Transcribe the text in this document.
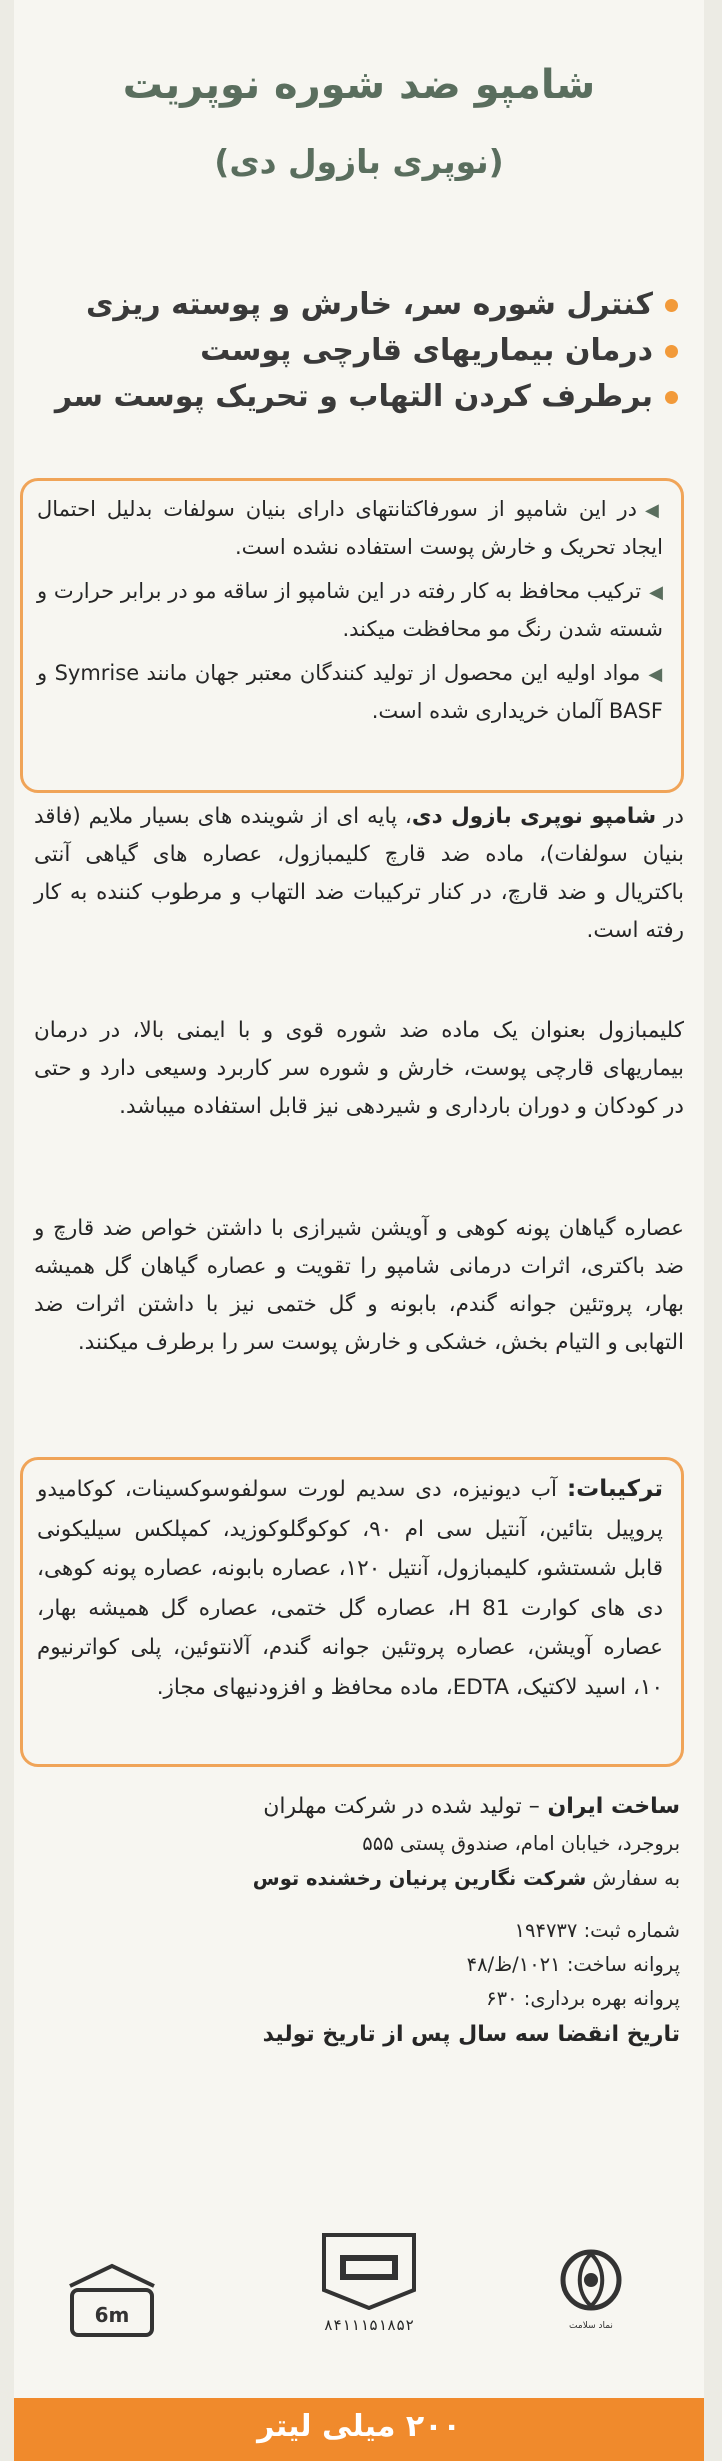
شامپو ضد شوره نوپریت
(نوپری بازول دی)
کنترل شوره سر، خارش و پوسته ریزی
درمان بیماریهای قارچی پوست
برطرف کردن التهاب و تحریک پوست سر
◀در این شامپو از سورفاکتانتهای دارای بنیان سولفات بدلیل احتمال ایجاد تحریک و خارش پوست استفاده نشده است.
◀ترکیب محافظ به کار رفته در این شامپو از ساقه مو در برابر حرارت و شسته شدن رنگ مو محافظت میکند.
◀مواد اولیه این محصول از تولید کنندگان معتبر جهان مانند Symrise و BASF آلمان خریداری شده است.
در شامپو نوپری بازول دی، پایه ای از شوینده های بسیار ملایم (فاقد بنیان سولفات)، ماده ضد قارچ کلیمبازول، عصاره های گیاهی آنتی باکتریال و ضد قارچ، در کنار ترکیبات ضد التهاب و مرطوب کننده به کار رفته است.
کلیمبازول بعنوان یک ماده ضد شوره قوی و با ایمنی بالا، در درمان بیماریهای قارچی پوست، خارش و شوره سر کاربرد وسیعی دارد و حتی در کودکان و دوران بارداری و شیردهی نیز قابل استفاده میباشد.
عصاره گیاهان پونه کوهی و آویشن شیرازی با داشتن خواص ضد قارچ و ضد باکتری، اثرات درمانی شامپو را تقویت و عصاره گیاهان گل همیشه بهار، پروتئین جوانه گندم، بابونه و گل ختمی نیز با داشتن اثرات ضد التهابی و التیام بخش، خشکی و خارش پوست سر را برطرف میکنند.
ترکیبات: آب دیونیزه، دی سدیم لورت سولفوسوکسینات، کوکامیدو پروپیل بتائین، آنتیل سی ام ۹۰، کوکوگلوکوزید، کمپلکس سیلیکونی قابل شستشو، کلیمبازول، آنتیل ۱۲۰، عصاره بابونه، عصاره پونه کوهی، دی های کوارت H 81، عصاره گل ختمی، عصاره گل همیشه بهار، عصاره آویشن، عصاره پروتئین جوانه گندم، آلانتوئین، پلی کواترنیوم ۱۰، اسید لاکتیک، EDTA، ماده محافظ و افزودنیهای مجاز.
ساخت ایران – تولید شده در شرکت مهلران
بروجرد، خیابان امام، صندوق پستی ۵۵۵
به سفارش شرکت نگارین پرنیان رخشنده توس
شماره ثبت: ۱۹۴۷۳۷
پروانه ساخت: ۱۰۲۱/ظ/۴۸
پروانه بهره برداری: ۶۳۰
تاریخ انقضا سه سال پس از تاریخ تولید
نماد سلامت
۸۴۱۱۱۵۱۸۵۲
6m
۲۰۰ میلی لیتر
